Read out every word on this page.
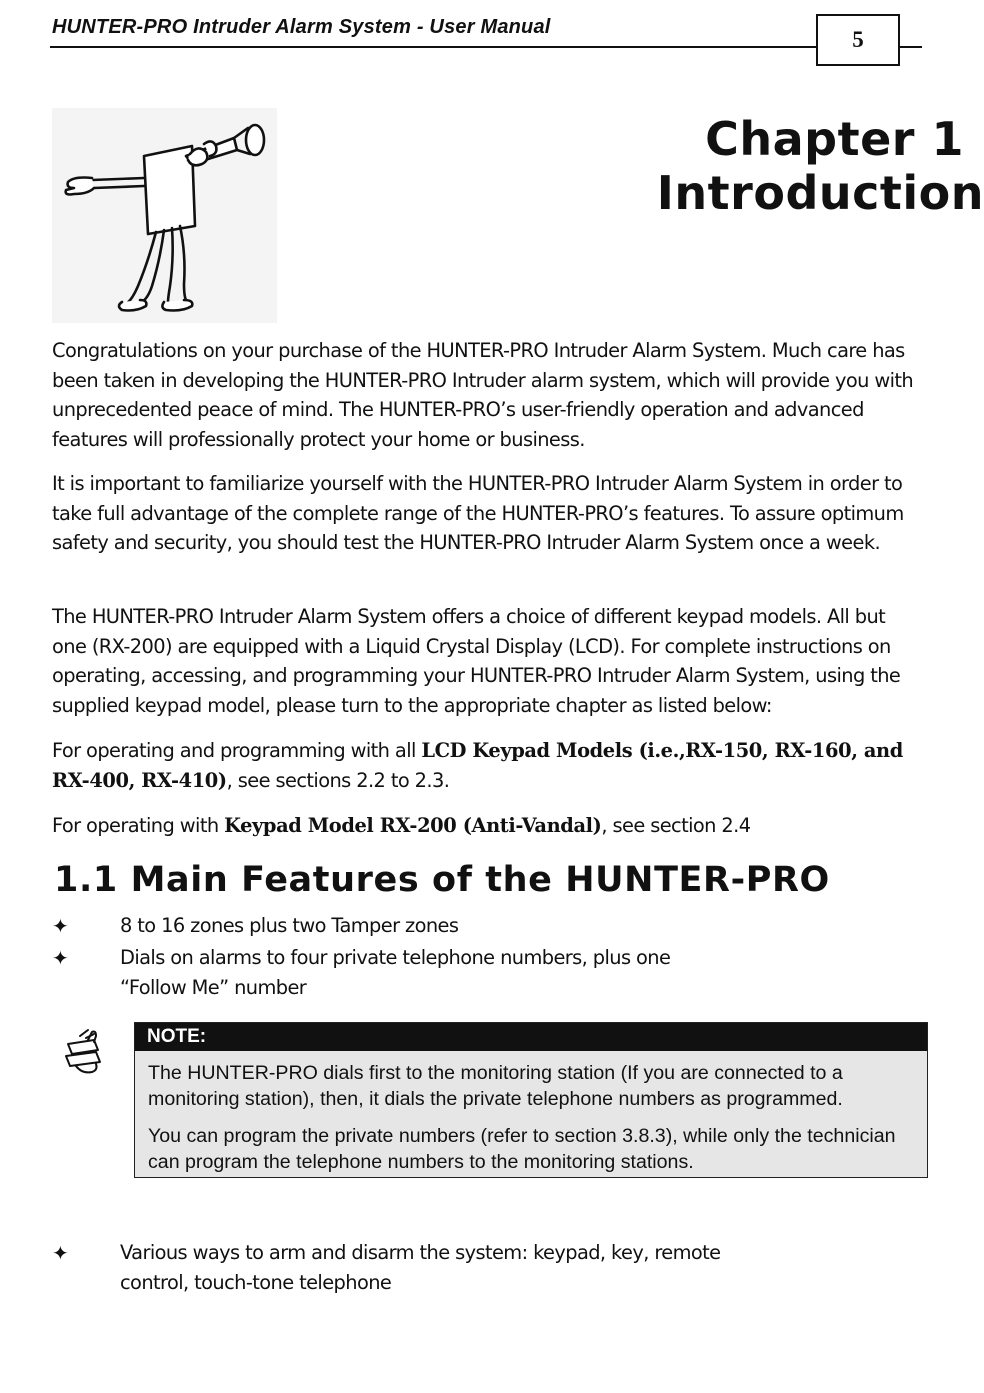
HUNTER-PRO Intruder Alarm System - User Manual	5
Chapter 1
Introduction

Congratulations on your purchase of the HUNTER-PRO Intruder Alarm System. Much care has been taken in developing the HUNTER-PRO Intruder alarm system, which will provide you with unprecedented peace of mind. The HUNTER-PRO’s user-friendly operation and advanced features will professionally protect your home or business.

It is important to familiarize yourself with the HUNTER-PRO Intruder Alarm System in order to take full advantage of the complete range of the HUNTER-PRO’s features. To assure optimum safety and security, you should test the HUNTER-PRO Intruder Alarm System once a week.

The HUNTER-PRO Intruder Alarm System offers a choice of different keypad models. All but one (RX-200) are equipped with a Liquid Crystal Display (LCD). For complete instructions on operating, accessing, and programming your HUNTER-PRO Intruder Alarm System, using the supplied keypad model, please turn to the appropriate chapter as listed below:

For operating and programming with all LCD Keypad Models (i.e.,RX-150, RX-160, and RX-400, RX-410), see sections 2.2 to 2.3.

For operating with Keypad Model RX-200 (Anti-Vandal), see section 2.4

1.1 Main Features of the HUNTER-PRO
✦	8 to 16 zones plus two Tamper zones
✦	Dials on alarms to four private telephone numbers, plus one “Follow Me” number
NOTE:

The HUNTER-PRO dials first to the monitoring station (If you are connected to a monitoring station), then, it dials the private telephone numbers as programmed.

You can program the private numbers (refer to section 3.8.3), while only the technician can program the telephone numbers to the monitoring stations.

✦	Various ways to arm and disarm the system: keypad, key, remote control, touch-tone telephone
